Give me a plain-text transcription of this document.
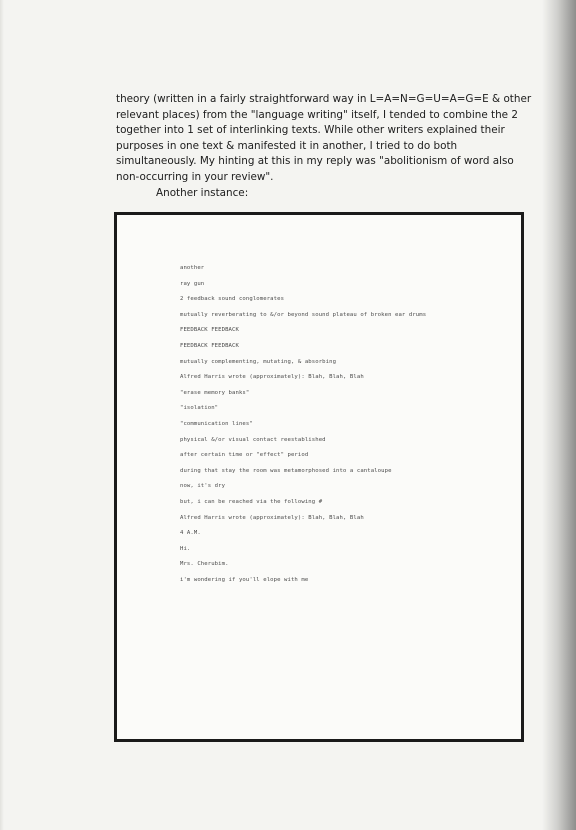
theory (written in a fairly straightforward way in L=A=N=G=U=A=G=E & other

relevant places) from the "language writing" itself, I tended to combine the 2

together into 1 set of interlinking texts. While other writers explained their

purposes in one text & manifested it in another, I tried to do both

simultaneously. My hinting at this in my reply was "abolitionism of word also

non-occurring in your review".

Another instance:

another
ray gun
2 feedback sound conglomerates
mutually reverberating to &/or beyond sound plateau of broken ear drums
FEEDBACK FEEDBACK
FEEDBACK FEEDBACK
mutually complementing, mutating, & absorbing
Alfred Harris wrote (approximately): Blah, Blah, Blah
"erase memory banks"
"isolation"
"communication lines"
physical &/or visual contact reestablished
after certain time or "effect" period
during that stay the room was metamorphosed into a cantaloupe
now, it's dry
but, i can be reached via the following #
Alfred Harris wrote (approximately): Blah, Blah, Blah
4 A.M.
Hi.
Mrs. Cherubim.
i'm wondering if you'll elope with me
